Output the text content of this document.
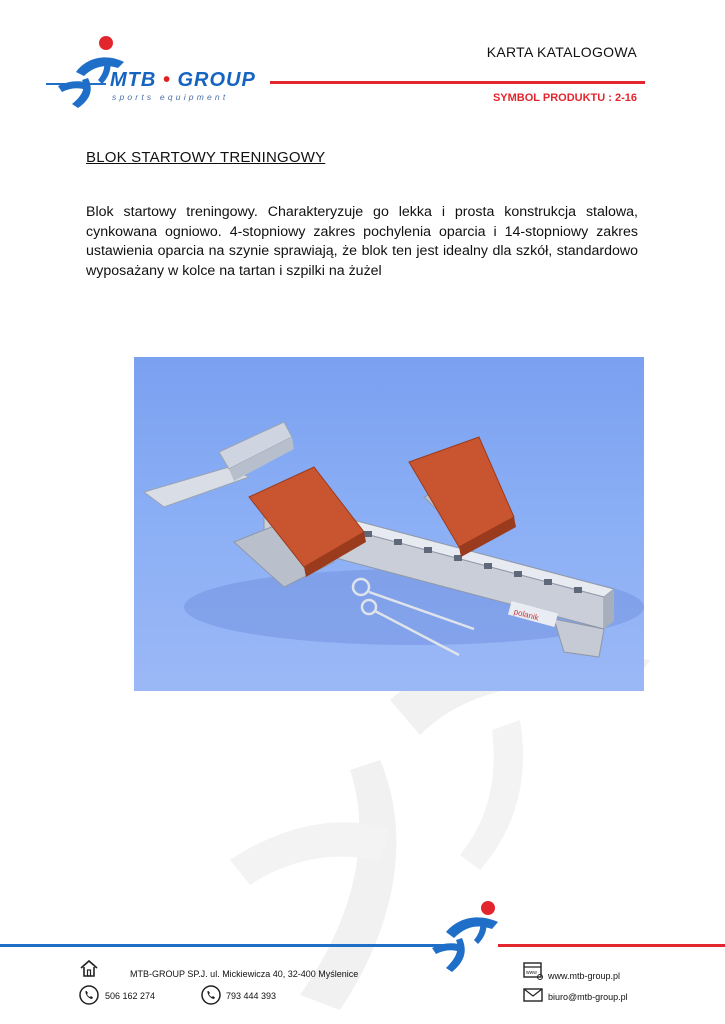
MTB • GROUP
sports equipment
KARTA KATALOGOWA
SYMBOL PRODUKTU : 2-16
BLOK STARTOWY TRENINGOWY
Blok startowy treningowy. Charakteryzuje go lekka i prosta konstrukcja stalowa, cynkowana ogniowo. 4-stopniowy zakres pochylenia oparcia i 14-stopniowy zakres ustawienia oparcia na szynie sprawiają, że blok ten jest idealny dla szkół, standardowo wyposażany w kolce na tartan i szpilki na żużel
polanik
MTB-GROUP SP.J. ul. Mickiewicza 40, 32-400 Myślenice
506 162 274	793 444 393
www www.mtb-group.pl
biuro@mtb-group.pl
